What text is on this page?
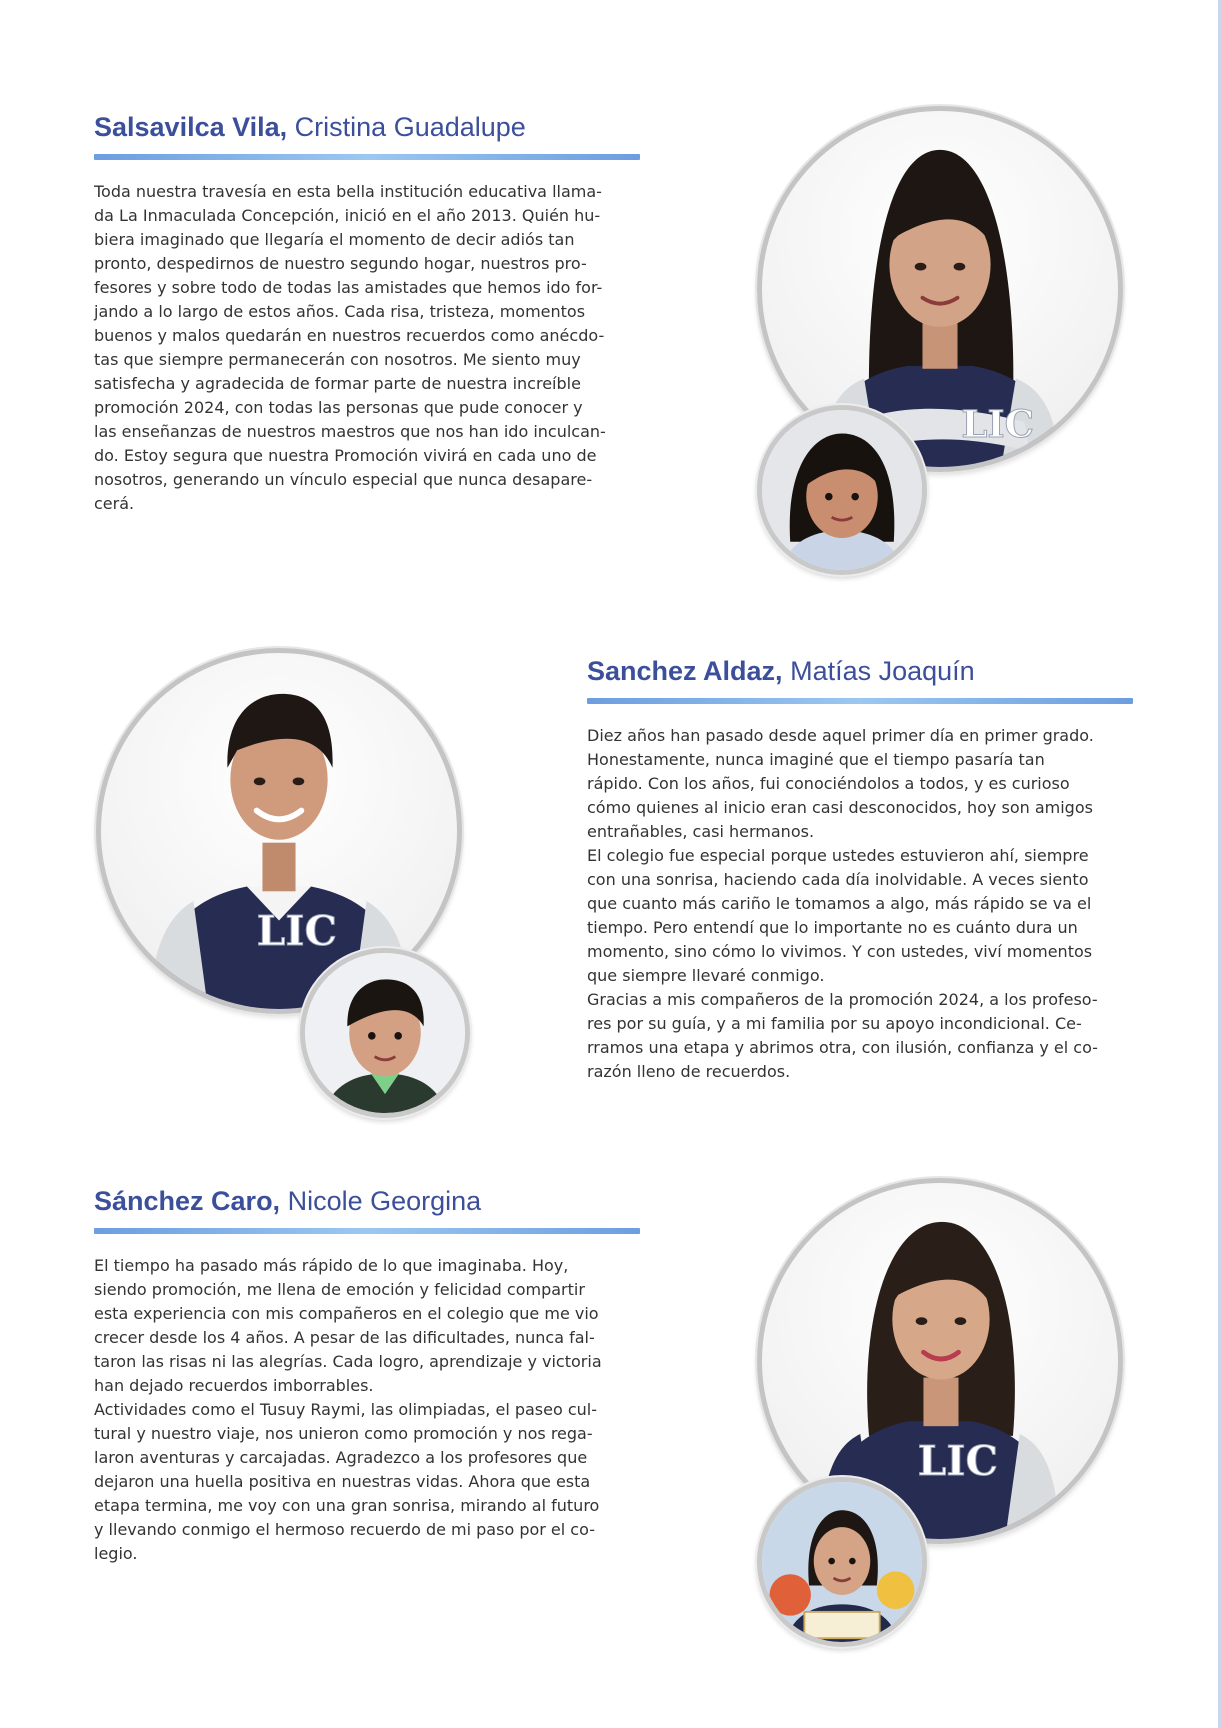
Salsavilca Vila, Cristina Guadalupe

Toda nuestra travesía en esta bella institución educativa llama-
da La Inmaculada Concepción, inició en el año 2013. Quién hu-
biera imaginado que llegaría el momento de decir adiós tan
pronto, despedirnos de nuestro segundo hogar, nuestros pro-
fesores y sobre todo de todas las amistades que hemos ido for-
jando a lo largo de estos años. Cada risa, tristeza, momentos
buenos y malos quedarán en nuestros recuerdos como anécdo-
tas que siempre permanecerán con nosotros. Me siento muy
satisfecha y agradecida de formar parte de nuestra increíble
promoción 2024, con todas las personas que pude conocer y
las enseñanzas de nuestros maestros que nos han ido inculcan-
do. Estoy segura que nuestra Promoción vivirá en cada uno de
nosotros, generando un vínculo especial que nunca desapare-
cerá.

LIC
LIC
Sanchez Aldaz, Matías Joaquín

Diez años han pasado desde aquel primer día en primer grado.
Honestamente, nunca imaginé que el tiempo pasaría tan
rápido. Con los años, fui conociéndolos a todos, y es curioso
cómo quienes al inicio eran casi desconocidos, hoy son amigos
entrañables, casi hermanos.
El colegio fue especial porque ustedes estuvieron ahí, siempre
con una sonrisa, haciendo cada día inolvidable. A veces siento
que cuanto más cariño le tomamos a algo, más rápido se va el
tiempo. Pero entendí que lo importante no es cuánto dura un
momento, sino cómo lo vivimos. Y con ustedes, viví momentos
que siempre llevaré conmigo.
Gracias a mis compañeros de la promoción 2024, a los profeso-
res por su guía, y a mi familia por su apoyo incondicional. Ce-
rramos una etapa y abrimos otra, con ilusión, confianza y el co-
razón lleno de recuerdos.

Sánchez Caro, Nicole Georgina

El tiempo ha pasado más rápido de lo que imaginaba. Hoy,
siendo promoción, me llena de emoción y felicidad compartir
esta experiencia con mis compañeros en el colegio que me vio
crecer desde los 4 años. A pesar de las dificultades, nunca fal-
taron las risas ni las alegrías. Cada logro, aprendizaje y victoria
han dejado recuerdos imborrables.
Actividades como el Tusuy Raymi, las olimpiadas, el paseo cul-
tural y nuestro viaje, nos unieron como promoción y nos rega-
laron aventuras y carcajadas. Agradezco a los profesores que
dejaron una huella positiva en nuestras vidas. Ahora que esta
etapa termina, me voy con una gran sonrisa, mirando al futuro
y llevando conmigo el hermoso recuerdo de mi paso por el co-
legio.

LIC
